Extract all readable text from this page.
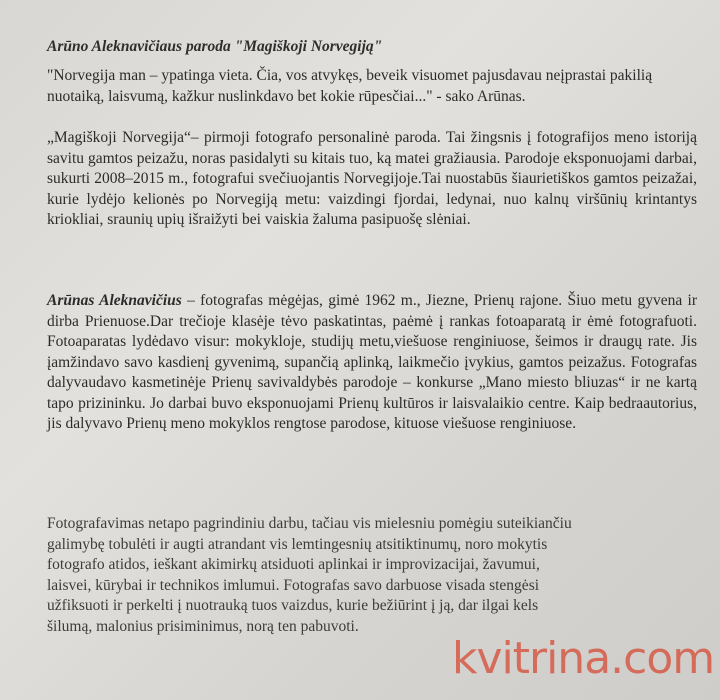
Arūno Aleknavičiaus paroda "Magiškoji Norvegiją"
"Norvegija man – ypatinga vieta. Čia, vos atvykęs, beveik visuomet pajusdavau neįprastai pakilią nuotaiką, laisvumą, kažkur nuslinkdavo bet kokie rūpesčiai..." - sako Arūnas.
„Magiškoji Norvegija“– pirmoji fotografo personalinė paroda. Tai žingsnis į fotografijos meno istoriją savitu gamtos peizažu, noras pasidalyti su kitais tuo, ką matei gražiausia. Parodoje eksponuojami darbai, sukurti 2008–2015 m., fotografui svečiuojantis Norvegijoje.Tai nuostabūs šiaurietiškos gamtos peizažai, kurie lydėjo kelionės po Norvegiją metu: vaizdingi fjordai, ledynai, nuo kalnų viršūnių krintantys kriokliai, sraunių upių išraižyti bei vaiskia žaluma pasipuošę slėniai.
Arūnas Aleknavičius – fotografas mėgėjas, gimė 1962 m., Jiezne, Prienų rajone. Šiuo metu gyvena ir dirba Prienuose.Dar trečioje klasėje tėvo paskatintas, paėmė į rankas fotoaparatą ir ėmė fotografuoti. Fotoaparatas lydėdavo visur: mokykloje, studijų metu,viešuose renginiuose, šeimos ir draugų rate. Jis įamžindavo savo kasdienį gyvenimą, supančią aplinką, laikmečio įvykius, gamtos peizažus. Fotografas dalyvaudavo kasmetinėje Prienų savivaldybės parodoje – konkurse „Mano miesto bliuzas“ ir ne kartą tapo prizininku. Jo darbai buvo eksponuojami Prienų kultūros ir laisvalaikio centre. Kaip bedraautorius, jis dalyvavo Prienų meno mokyklos rengtose parodose, kituose viešuose renginiuose.
Fotografavimas netapo pagrindiniu darbu, tačiau vis mielesniu pomėgiu suteikiančiu
galimybę tobulėti ir augti atrandant vis lemtingesnių atsitiktinumų, noro mokytis
fotografo atidos, ieškant akimirkų atsiduoti aplinkai ir improvizacijai, žavumui,
laisvei, kūrybai ir technikos imlumui. Fotografas savo darbuose visada stengėsi
užfiksuoti ir perkelti į nuotrauką tuos vaizdus, kurie bežiūrint į ją, dar ilgai kels
šilumą, malonius prisiminimus, norą ten pabuvoti.
kvitrina.com
